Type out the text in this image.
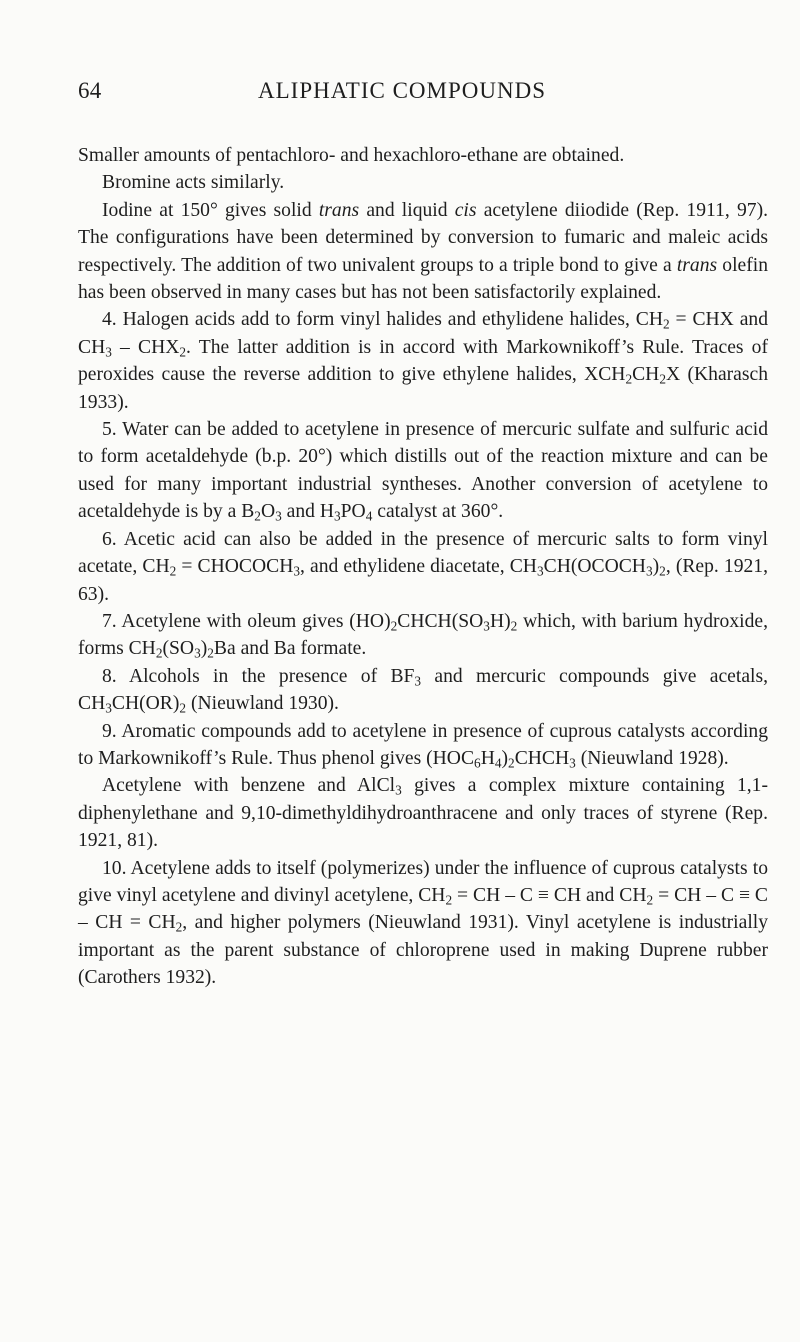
64	ALIPHATIC COMPOUNDS

Smaller amounts of pentachloro- and hexachloro-ethane are obtained.

Bromine acts similarly.

Iodine at 150° gives solid trans and liquid cis acetylene diiodide (Rep. 1911, 97). The configurations have been determined by conversion to fumaric and maleic acids respectively. The addition of two univalent groups to a triple bond to give a trans olefin has been observed in many cases but has not been satisfactorily explained.

4. Halogen acids add to form vinyl halides and ethylidene halides, $CH_2$ = CHX and $CH_3 - CHX_2$. The latter addition is in accord with Markownikoff’s Rule. Traces of peroxides cause the reverse addition to give ethylene halides, $XCH_2CH_2X$ (Kharasch 1933).

5. Water can be added to acetylene in presence of mercuric sulfate and sulfuric acid to form acetaldehyde (b.p. 20°) which distills out of the reaction mixture and can be used for many important industrial syntheses. Another conversion of acetylene to acetaldehyde is by a $B_2O_3$ and $H_3PO_4$ catalyst at 360°.

6. Acetic acid can also be added in the presence of mercuric salts to form vinyl acetate, $CH_2$ = $CHOCOCH_3$, and ethylidene diacetate, $CH_3CH(OCOCH_3)_2$, (Rep. 1921, 63).

7. Acetylene with oleum gives $(HO)_2CHCH(SO_3H)_2$ which, with barium hydroxide, forms $CH_2(SO_3)_2Ba$ and Ba formate.

8. Alcohols in the presence of $BF_3$ and mercuric compounds give acetals, $CH_3CH(OR)_2$ (Nieuwland 1930).

9. Aromatic compounds add to acetylene in presence of cuprous catalysts according to Markownikoff’s Rule. Thus phenol gives $(HOC_6H_4)_2CHCH_3$ (Nieuwland 1928).

Acetylene with benzene and AlCl$_3$ gives a complex mixture containing 1,1-diphenylethane and 9,10-dimethyldihydroanthracene and only traces of styrene (Rep. 1921, 81).

10. Acetylene adds to itself (polymerizes) under the influence of cuprous catalysts to give vinyl acetylene and divinyl acetylene, $CH_2$ = CH – C ≡ CH and $CH_2$ = CH – C ≡ C – CH = $CH_2$, and higher polymers (Nieuwland 1931). Vinyl acetylene is industrially important as the parent substance of chloroprene used in making Duprene rubber (Carothers 1932).
